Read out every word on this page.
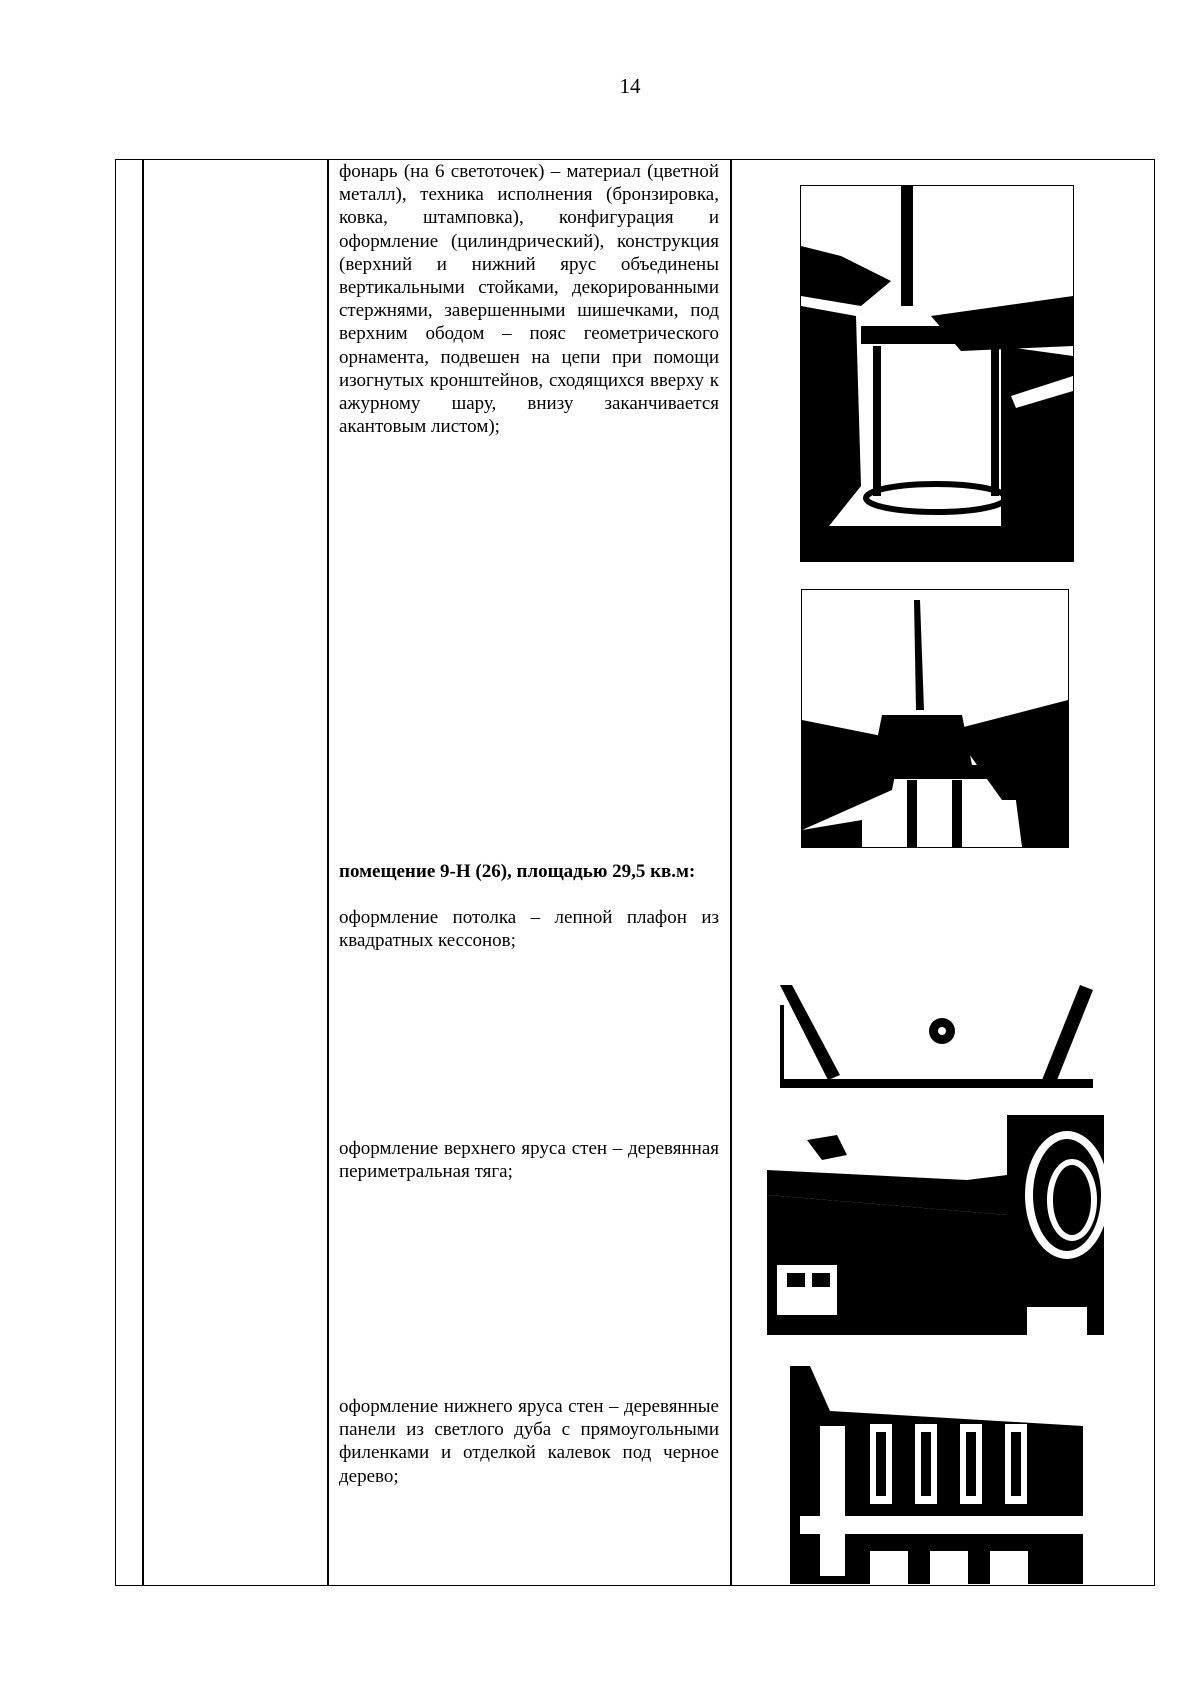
14

фонарь (на 6 светоточек) – материал (цветной металл), техника исполнения (бронзировка, ковка, штамповка), конфигурация и оформление (цилиндрический), конструкция (верхний и нижний ярус объединены вертикальными стойками, декорированными стержнями, завершенными шишечками, под верхним ободом – пояс геометрического орнамента, подвешен на цепи при помощи изогнутых кронштейнов, сходящихся вверху к ажурному шару, внизу заканчивается акантовым листом);

помещение 9-Н (26), площадью 29,5 кв.м:

оформление потолка – лепной плафон из квадратных кессонов;

оформление верхнего яруса стен – деревянная периметральная тяга;

оформление нижнего яруса стен – деревянные панели из светлого дуба с прямоугольными филенками и отделкой калевок под черное дерево;
